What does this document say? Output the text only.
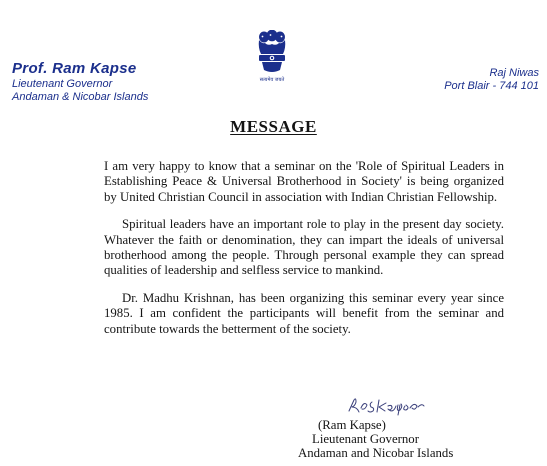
Prof. Ram Kapse
Lieutenant Governor
Andaman & Nicobar Islands
सत्यमेव जयते
Raj Niwas
Port Blair - 744 101
MESSAGE

I am very happy to know that a seminar on the 'Role of Spiritual Leaders in Establishing Peace & Universal Brotherhood in Society' is being organized by United Christian Council in association with Indian Christian Fellowship.

Spiritual leaders have an important role to play in the present day society. Whatever the faith or denomination, they can impart the ideals of universal brotherhood among the people. Through personal example they can spread qualities of leadership and selfless service to mankind.

Dr. Madhu Krishnan, has been organizing this seminar every year since 1985. I am confident the participants will benefit from the seminar and contribute towards the betterment of the society.

(Ram Kapse)
Lieutenant Governor
Andaman and Nicobar Islands
